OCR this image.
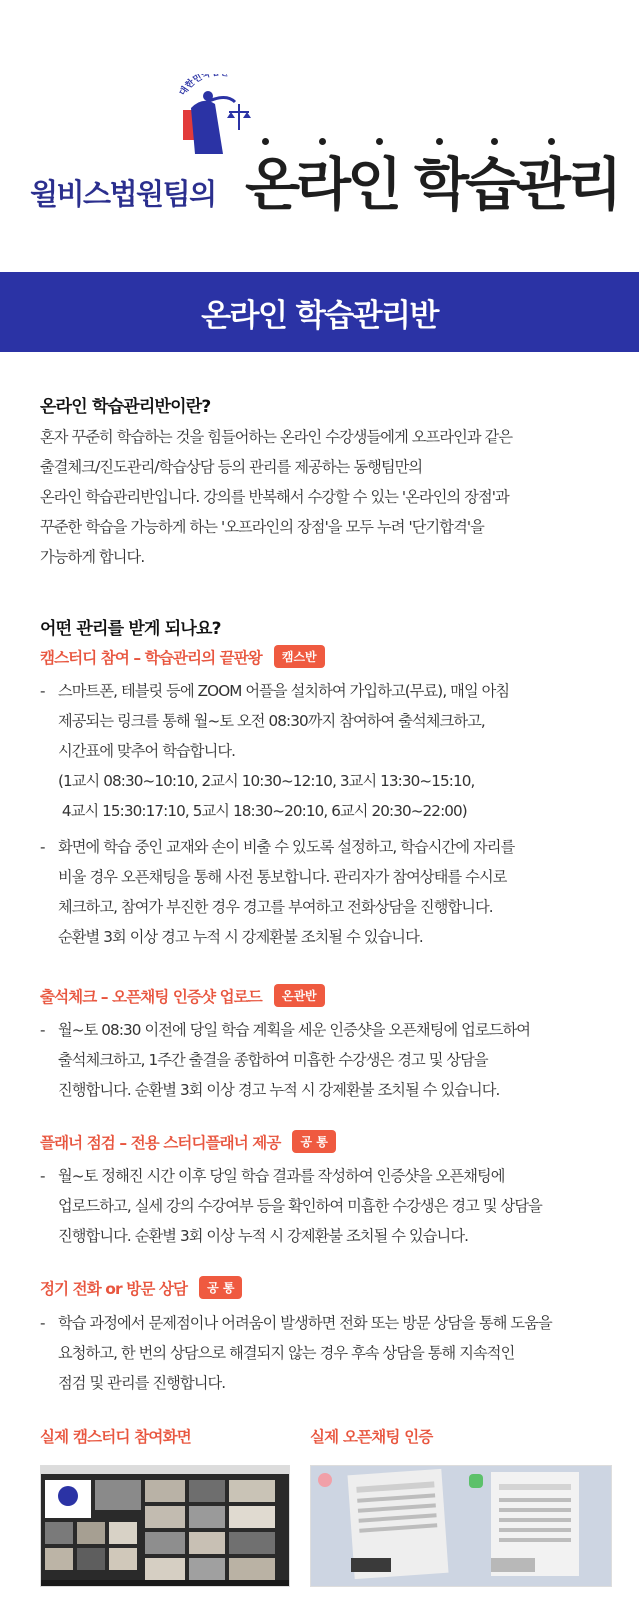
대한민국
윌비스법원팀의 온라인 학습관리
온라인 학습관리반
온라인 학습관리반이란?
혼자 꾸준히 학습하는 것을 힘들어하는 온라인 수강생들에게 오프라인과 같은
출결체크/진도관리/학습상담 등의 관리를 제공하는 동행팀만의
온라인 학습관리반입니다. 강의를 반복해서 수강할 수 있는 '온라인의 장점'과
꾸준한 학습을 가능하게 하는 '오프라인의 장점'을 모두 누려 '단기합격'을
가능하게 합니다.
어떤 관리를 받게 되나요?
캠스터디 참여 – 학습관리의 끝판왕	캠스반
- 스마트폰, 테블릿 등에 ZOOM 어플을 설치하여 가입하고(무료), 매일 아침
제공되는 링크를 통해 월~토 오전 08:30까지 참여하여 출석체크하고,
시간표에 맞추어 학습합니다.
(1교시 08:30~10:10, 2교시 10:30~12:10, 3교시 13:30~15:10,
4교시 15:30:17:10, 5교시 18:30~20:10, 6교시 20:30~22:00)
- 화면에 학습 중인 교재와 손이 비출 수 있도록 설정하고, 학습시간에 자리를
비울 경우 오픈채팅을 통해 사전 통보합니다. 관리자가 참여상태를 수시로
체크하고, 참여가 부진한 경우 경고를 부여하고 전화상담을 진행합니다.
순환별 3회 이상 경고 누적 시 강제환불 조치될 수 있습니다.
출석체크 – 오픈채팅 인증샷 업로드	온관반
- 월~토 08:30 이전에 당일 학습 계획을 세운 인증샷을 오픈채팅에 업로드하여
출석체크하고, 1주간 출결을 종합하여 미흡한 수강생은 경고 및 상담을
진행합니다. 순환별 3회 이상 경고 누적 시 강제환불 조치될 수 있습니다.
플래너 점검 – 전용 스터디플래너 제공	공 통
- 월~토 정해진 시간 이후 당일 학습 결과를 작성하여 인증샷을 오픈채팅에
업로드하고, 실세 강의 수강여부 등을 확인하여 미흡한 수강생은 경고 및 상담을
진행합니다. 순환별 3회 이상 누적 시 강제환불 조치될 수 있습니다.
정기 전화 or 방문 상담	공 통
- 학습 과정에서 문제점이나 어려움이 발생하면 전화 또는 방문 상담을 통해 도움을
요청하고, 한 번의 상담으로 해결되지 않는 경우 후속 상담을 통해 지속적인
점검 및 관리를 진행합니다.
실제 캠스터디 참여화면	실제 오픈채팅 인증
